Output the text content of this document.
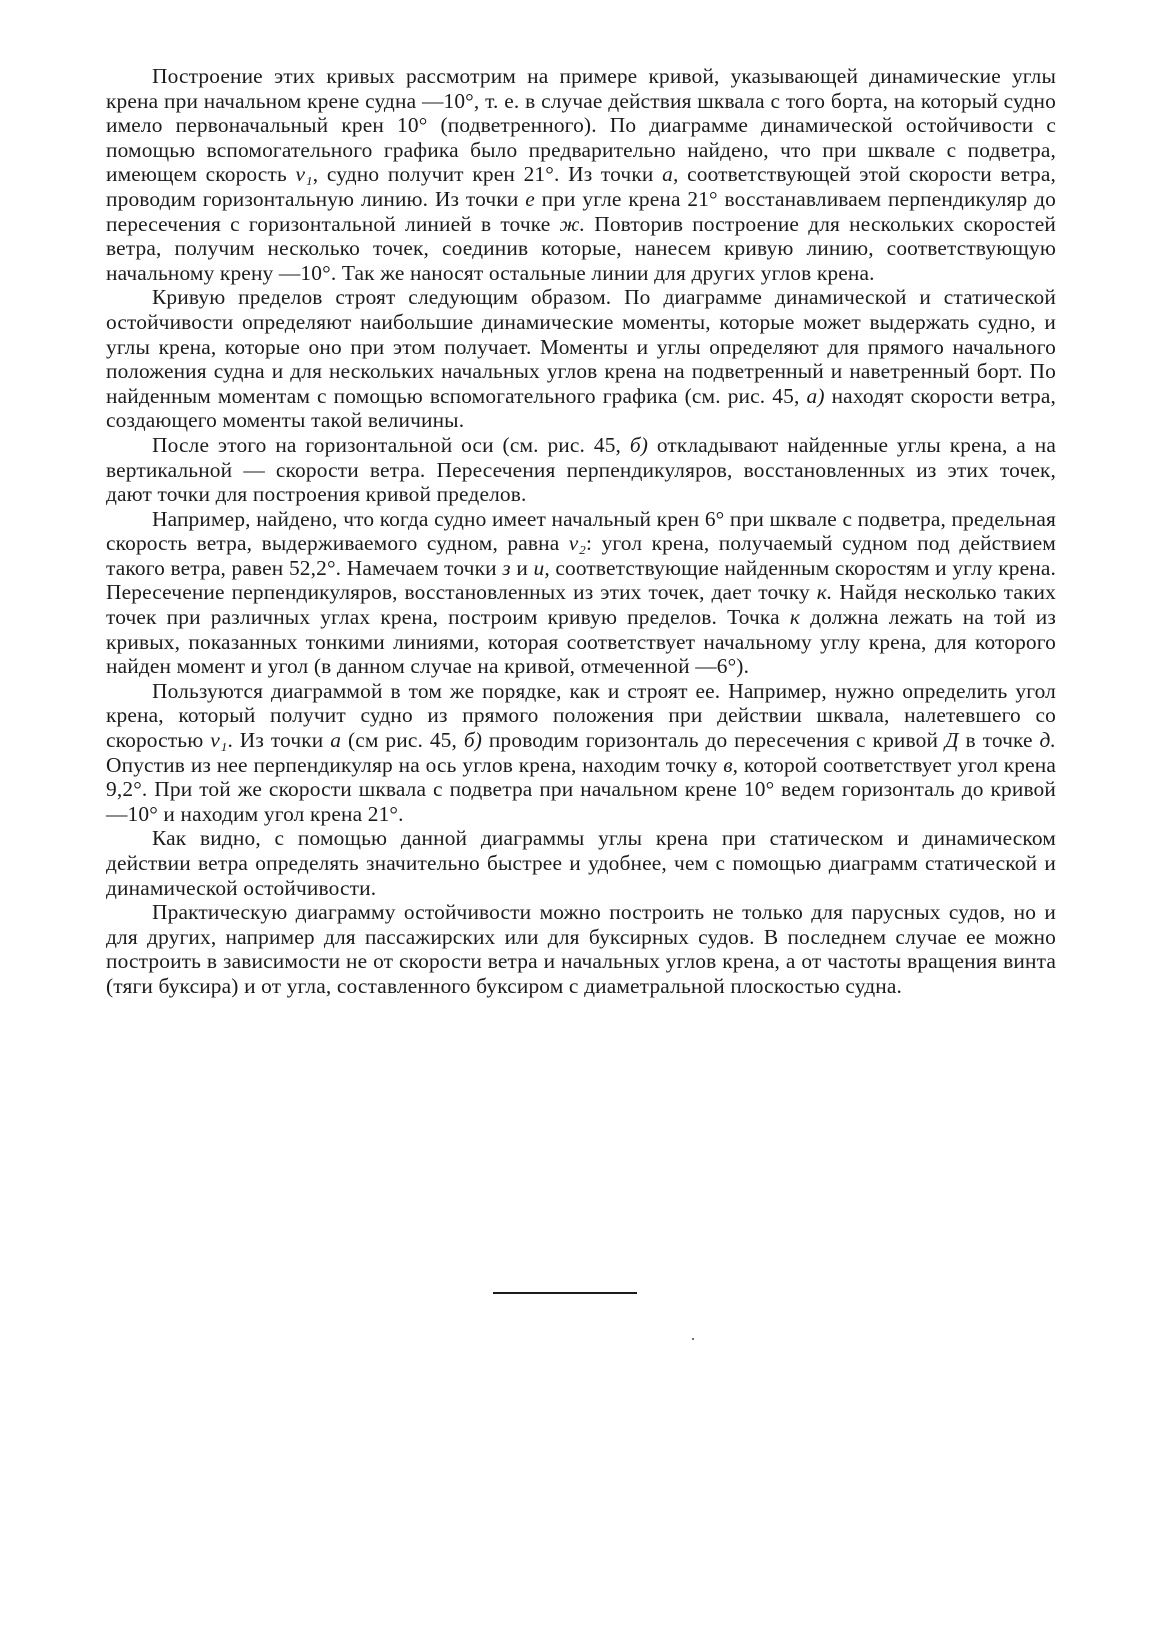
Построение этих кривых рассмотрим на примере кривой, указывающей динамические углы крена при начальном крене судна —10°, т. е. в случае действия шквала с того борта, на который судно имело первоначальный крен 10° (подветренного). По диаграмме динамической остойчивости с помощью вспомогательного графика было предварительно найдено, что при шквале с подветра, имеющем скорость v₁, судно получит крен 21°. Из точки а, соответствующей этой скорости ветра, проводим горизонтальную линию. Из точки е при угле крена 21° восстанавливаем перпендикуляр до пересечения с горизонтальной линией в точке ж. Повторив построение для нескольких скоростей ветра, получим несколько точек, соединив которые, нанесем кривую линию, соответствующую начальному крену —10°. Так же наносят остальные линии для других углов крена.

Кривую пределов строят следующим образом. По диаграмме динамической и статической остойчивости определяют наибольшие динамические моменты, которые может выдержать судно, и углы крена, которые оно при этом получает. Моменты и углы определяют для прямого начального положения судна и для нескольких начальных углов крена на подветренный и наветренный борт. По найденным моментам с помощью вспомогательного графика (см. рис. 45, а) находят скорости ветра, создающего моменты такой величины.

После этого на горизонтальной оси (см. рис. 45, б) откладывают найденные углы крена, а на вертикальной — скорости ветра. Пересечения перпендикуляров, восстановленных из этих точек, дают точки для построения кривой пределов.

Например, найдено, что когда судно имеет начальный крен 6° при шквале с подветра, предельная скорость ветра, выдерживаемого судном, равна v₂: угол крена, получаемый судном под действием такого ветра, равен 52,2°. Намечаем точки з и и, соответствующие найденным скоростям и углу крена. Пересечение перпендикуляров, восстановленных из этих точек, дает точку к. Найдя несколько таких точек при различных углах крена, построим кривую пределов. Точка к должна лежать на той из кривых, показанных тонкими линиями, которая соответствует начальному углу крена, для которого найден момент и угол (в данном случае на кривой, отмеченной —6°).

Пользуются диаграммой в том же порядке, как и строят ее. Например, нужно определить угол крена, который получит судно из прямого положения при действии шквала, налетевшего со скоростью v₁. Из точки а (см рис. 45, б) проводим горизонталь до пересечения с кривой Д в точке д. Опустив из нее перпендикуляр на ось углов крена, находим точку в, которой соответствует угол крена 9,2°. При той же скорости шквала с подветра при начальном крене 10° ведем горизонталь до кривой —10° и находим угол крена 21°.

Как видно, с помощью данной диаграммы углы крена при статическом и динамическом действии ветра определять значительно быстрее и удобнее, чем с помощью диаграмм статической и динамической остойчивости.

Практическую диаграмму остойчивости можно построить не только для парусных судов, но и для других, например для пассажирских или для буксирных судов. В последнем случае ее можно построить в зависимости не от скорости ветра и начальных углов крена, а от частоты вращения винта (тяги буксира) и от угла, составленного буксиром с диаметральной плоскостью судна.
